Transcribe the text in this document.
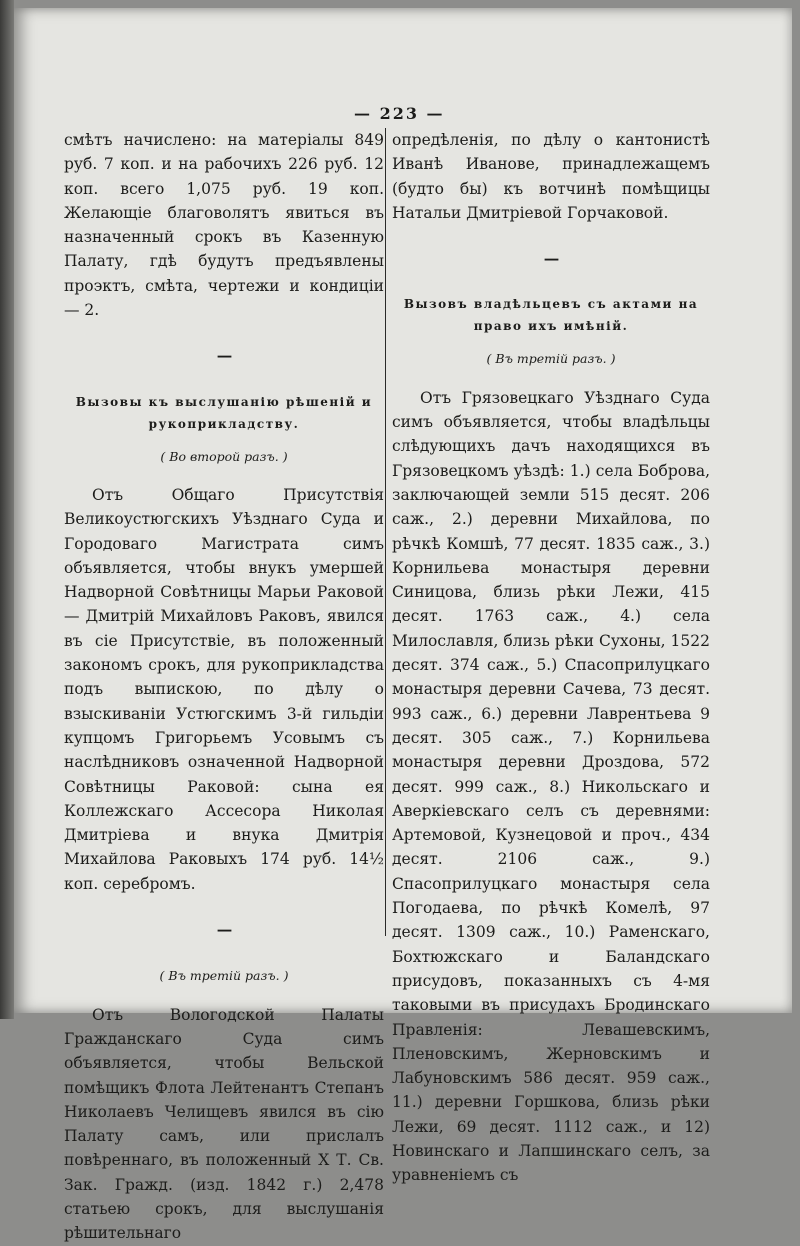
— 223 —

смѣтъ начислено: на матеріалы 849 руб. 7 коп. и на рабочихъ 226 руб. 12 коп. всего 1,075 руб. 19 коп. Желающіе благоволятъ явиться въ назначенный срокъ въ Казенную Палату, гдѣ будутъ предъявлены проэктъ, смѣта, чертежи и кондиціи — 2.

—

Вызовы къ выслушанію рѣшеній и рукоприкладству.

( Во второй разъ. )

Отъ Общаго Присутствія Великоустюгскихъ Уѣзднаго Суда и Городоваго Магистрата симъ объявляется, чтобы внукъ умершей Надворной Совѣтницы Марьи Раковой — Дмитрій Михайловъ Раковъ, явился въ сіе Присутствіе, въ положенный закономъ срокъ, для рукоприкладства подъ выпискою, по дѣлу о взыскиваніи Устюгскимъ 3-й гильдіи купцомъ Григорьемъ Усовымъ съ наслѣдниковъ означенной Надворной Совѣтницы Раковой: сына ея Коллежскаго Ассесора Николая Дмитріева и внука Дмитрія Михайлова Раковыхъ 174 руб. 14½ коп. серебромъ.

—

( Въ третій разъ. )

Отъ Вологодской Палаты Гражданскаго Суда симъ объявляется, чтобы Вельской помѣщикъ Флота Лейтенантъ Степанъ Николаевъ Челищевъ явился въ сію Палату самъ, или прислалъ повѣреннаго, въ положенный X Т. Св. Зак. Гражд. (изд. 1842 г.) 2,478 статьею срокъ, для выслушанія рѣшительнаго

опредѣленія, по дѣлу о кантонистѣ Иванѣ Иванове, принадлежащемъ (будто бы) къ вотчинѣ помѣщицы Натальи Дмитріевой Горчаковой.

—

Вызовъ владѣльцевъ съ актами на право ихъ имѣній.

( Въ третій разъ. )

Отъ Грязовецкаго Уѣзднаго Суда симъ объявляется, чтобы владѣльцы слѣдующихъ дачъ находящихся въ Грязовецкомъ уѣздѣ: 1.) села Боброва, заключающей земли 515 десят. 206 саж., 2.) деревни Михайлова, по рѣчкѣ Комшѣ, 77 десят. 1835 саж., 3.) Корнильева монастыря деревни Синицова, близь рѣки Лежи, 415 десят. 1763 саж., 4.) села Милославля, близь рѣки Сухоны, 1522 десят. 374 саж., 5.) Спасоприлуцкаго монастыря деревни Сачева, 73 десят. 993 саж., 6.) деревни Лаврентьева 9 десят. 305 саж., 7.) Корнильева монастыря деревни Дроздова, 572 десят. 999 саж., 8.) Никольскаго и Аверкіевскаго селъ съ деревнями: Артемовой, Кузнецовой и проч., 434 десят. 2106 саж., 9.) Спасоприлуцкаго монастыря села Погодаева, по рѣчкѣ Комелѣ, 97 десят. 1309 саж., 10.) Раменскаго, Бохтюжскаго и Баландскаго присудовъ, показанныхъ съ 4-мя таковыми въ присудахъ Бродинскаго Правленія: Левашевскимъ, Пленовскимъ, Жерновскимъ и Лабуновскимъ 586 десят. 959 саж., 11.) деревни Горшкова, близь рѣки Лежи, 69 десят. 1112 саж., и 12) Новинскаго и Лапшинскаго селъ, за уравненіемъ съ
